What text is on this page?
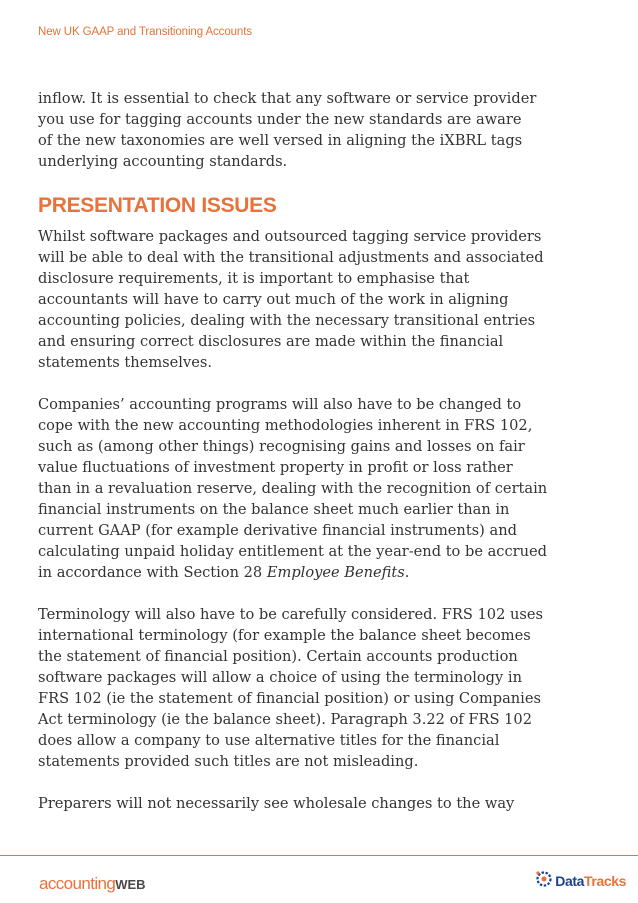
New UK GAAP and Transitioning Accounts

inflow. It is essential to check that any software or service provider
you use for tagging accounts under the new standards are aware
of the new taxonomies are well versed in aligning the iXBRL tags
underlying accounting standards.

PRESENTATION ISSUES

Whilst software packages and outsourced tagging service providers
will be able to deal with the transitional adjustments and associated
disclosure requirements, it is important to emphasise that
accountants will have to carry out much of the work in aligning
accounting policies, dealing with the necessary transitional entries
and ensuring correct disclosures are made within the financial
statements themselves.

Companies’ accounting programs will also have to be changed to
cope with the new accounting methodologies inherent in FRS 102,
such as (among other things) recognising gains and losses on fair
value fluctuations of investment property in profit or loss rather
than in a revaluation reserve, dealing with the recognition of certain
financial instruments on the balance sheet much earlier than in
current GAAP (for example derivative financial instruments) and
calculating unpaid holiday entitlement at the year-end to be accrued
in accordance with Section 28 Employee Benefits.

Terminology will also have to be carefully considered. FRS 102 uses
international terminology (for example the balance sheet becomes
the statement of financial position). Certain accounts production
software packages will allow a choice of using the terminology in
FRS 102 (ie the statement of financial position) or using Companies
Act terminology (ie the balance sheet). Paragraph 3.22 of FRS 102
does allow a company to use alternative titles for the financial
statements provided such titles are not misleading.

Preparers will not necessarily see wholesale changes to the way

accountingWEB	DataTracks
